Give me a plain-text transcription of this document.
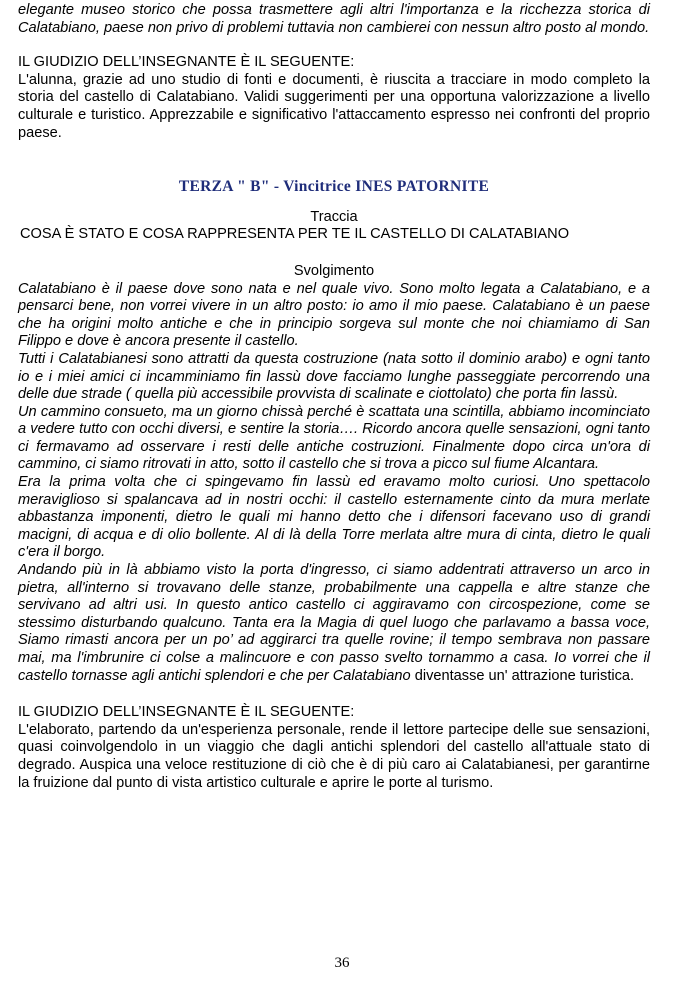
elegante museo storico che possa trasmettere agli altri l'importanza e la ricchezza storica di Calatabiano, paese non privo di problemi tuttavia non cambierei con nessun altro posto al mondo.

IL GIUDIZIO DELL’INSEGNANTE È IL SEGUENTE:

L'alunna, grazie ad uno studio di fonti e documenti, è riuscita a tracciare in modo completo la storia del castello di Calatabiano. Validi suggerimenti per una opportuna valorizzazione a livello culturale e turistico. Apprezzabile e significativo l'attaccamento espresso nei confronti del proprio paese.

TERZA " B" - Vincitrice INES PATORNITE
Traccia

COSA È STATO E COSA RAPPRESENTA PER TE IL CASTELLO DI CALATABIANO

Svolgimento

Calatabiano è il paese dove sono nata e nel quale vivo. Sono molto legata a Calatabiano, e a pensarci bene, non vorrei vivere in un altro posto: io amo il mio paese. Calatabiano è un paese che ha origini molto antiche e che in principio sorgeva sul monte che noi chiamiamo di San Filippo e dove è ancora presente il castello.

Tutti i Calatabianesi sono attratti da questa costruzione (nata sotto il dominio arabo) e ogni tanto io e i miei amici ci incamminiamo fin lassù dove facciamo lunghe passeggiate percorrendo una delle due strade ( quella più accessibile provvista di scalinate e ciottolato) che porta fin lassù.

Un cammino consueto, ma un giorno chissà perché è scattata una scintilla, abbiamo incominciato a vedere tutto con occhi diversi, e sentire la storia…. Ricordo ancora quelle sensazioni, ogni tanto ci fermavamo ad osservare i resti delle antiche costruzioni. Finalmente dopo circa un'ora di cammino, ci siamo ritrovati in atto, sotto il castello che si trova a picco sul fiume Alcantara.

Era la prima volta che ci spingevamo fin lassù ed eravamo molto curiosi. Uno spettacolo meraviglioso si spalancava ad in nostri occhi: il castello esternamente cinto da mura merlate abbastanza imponenti, dietro le quali mi hanno detto che i difensori facevano uso di grandi macigni, di acqua e di olio bollente. Al di là della Torre merlata altre mura di cinta, dietro le quali c'era il borgo.

Andando più in là abbiamo visto la porta d'ingresso, ci siamo addentrati attraverso un arco in pietra, all'interno si trovavano delle stanze, probabilmente una cappella e altre stanze che servivano ad altri usi. In questo antico castello ci aggiravamo con circospezione, come se stessimo disturbando qualcuno. Tanta era la Magia di quel luogo che parlavamo a bassa voce, Siamo rimasti ancora per un po’ ad aggirarci tra quelle rovine; il tempo sembrava non passare mai, ma l'imbrunire ci colse a malincuore e con passo svelto tornammo a casa. Io vorrei che il castello tornasse agli antichi splendori e che per Calatabiano diventasse un' attrazione turistica.

IL GIUDIZIO DELL’INSEGNANTE È IL SEGUENTE:

L'elaborato, partendo da un'esperienza personale, rende il lettore partecipe delle sue sensazioni, quasi coinvolgendolo in un viaggio che dagli antichi splendori del castello all'attuale stato di degrado. Auspica una veloce restituzione di ciò che è di più caro ai Calatabianesi, per garantirne la fruizione dal punto di vista artistico culturale e aprire le porte al turismo.

36
